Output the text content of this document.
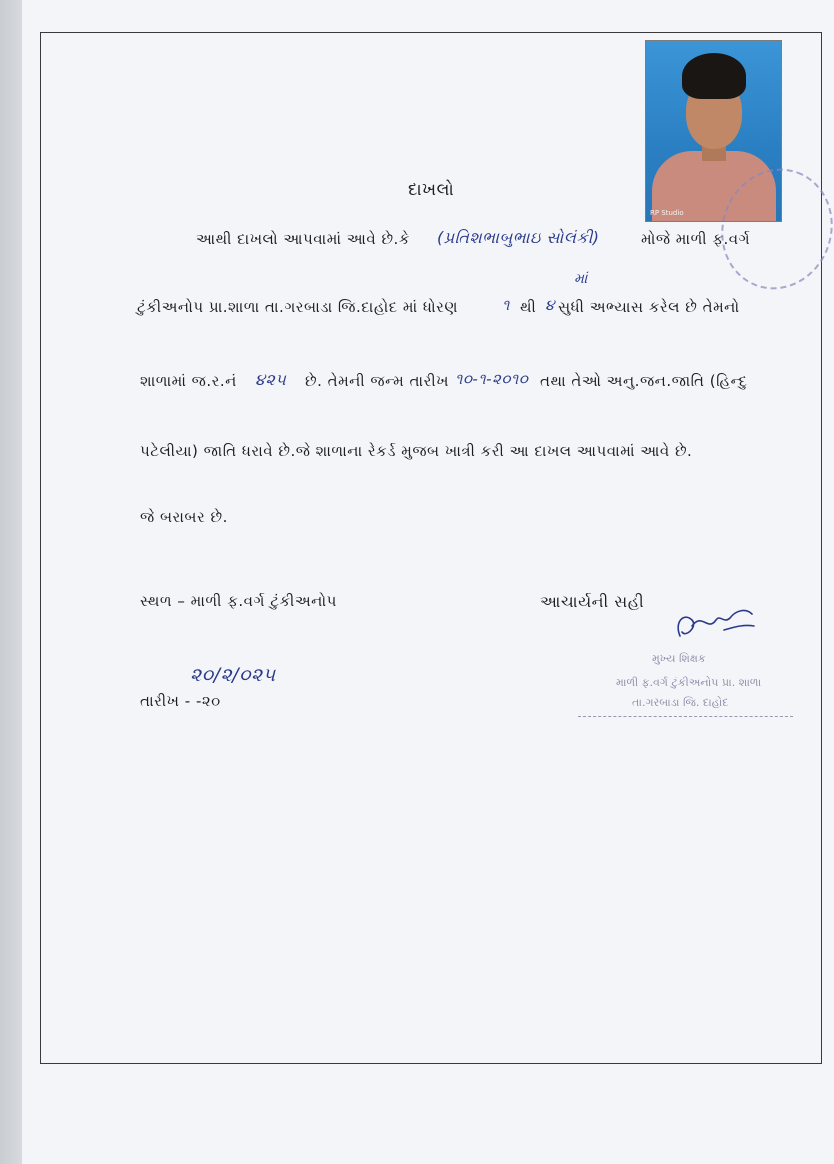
RP Studio
દાખલો
આથી દાખલો આપવામાં આવે છે.કે (પ્રતિશભાબુભાઇ સોલંકી)	મોજે માળી ફ.વર્ગ
ટુંકીઅનોપ પ્રા.શાળા તા.ગરબાડા જિ.દાહોદ માં ધોરણ	૧ થી ૪
માં
સુધી અભ્યાસ કરેલ છે તેમનો
શાળામાં જ.ર.નં ૪૨૫ છે. તેમની જન્મ તારીખ ૧૦-૧-૨૦૧૦ તથા તેઓ અનુ.જન.જાતિ (હિન્દુ
પટેલીયા) જાતિ ધરાવે છે.જે શાળાના રેકર્ડ મુજબ ખાત્રી કરી આ દાખલ આપવામાં આવે છે.
જે બરાબર છે.
સ્થળ – માળી ફ.વર્ગ ટુંકીઅનોપ	આચાર્યની સહી
મુખ્ય શિક્ષક
માળી ફ.વર્ગ ટુંકીઅનોપ પ્રા. શાળા
તા.ગરબાડા જિ. દાહોદ
૨૦/૨/૦૨૫
તારીખ - -૨૦
